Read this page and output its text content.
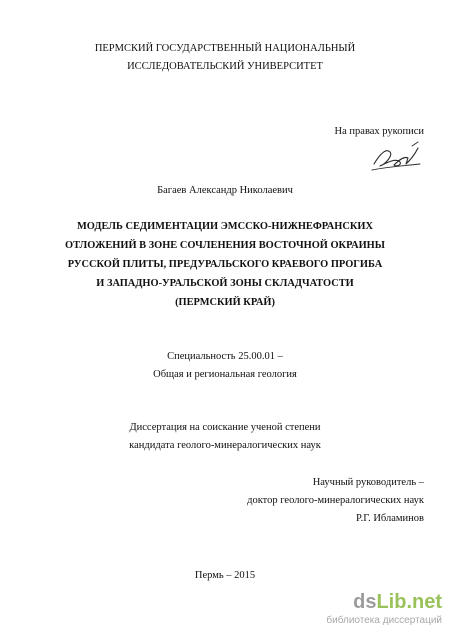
ПЕРМСКИЙ ГОСУДАРСТВЕННЫЙ НАЦИОНАЛЬНЫЙ
ИССЛЕДОВАТЕЛЬСКИЙ УНИВЕРСИТЕТ
На правах рукописи
Багаев Александр Николаевич
МОДЕЛЬ СЕДИМЕНТАЦИИ ЭМССКО-НИЖНЕФРАНСКИХ
ОТЛОЖЕНИЙ В ЗОНЕ СОЧЛЕНЕНИЯ ВОСТОЧНОЙ ОКРАИНЫ
РУССКОЙ ПЛИТЫ, ПРЕДУРАЛЬСКОГО КРАЕВОГО ПРОГИБА
И ЗАПАДНО-УРАЛЬСКОЙ ЗОНЫ СКЛАДЧАТОСТИ
(ПЕРМСКИЙ КРАЙ)
Специальность 25.00.01 –
Общая и региональная геология
Диссертация на соискание ученой степени
кандидата геолого-минералогических наук
Научный руководитель –
доктор геолого-минералогических наук
Р.Г. Ибламинов
Пермь – 2015
dsLib.net
библиотека диссертаций
